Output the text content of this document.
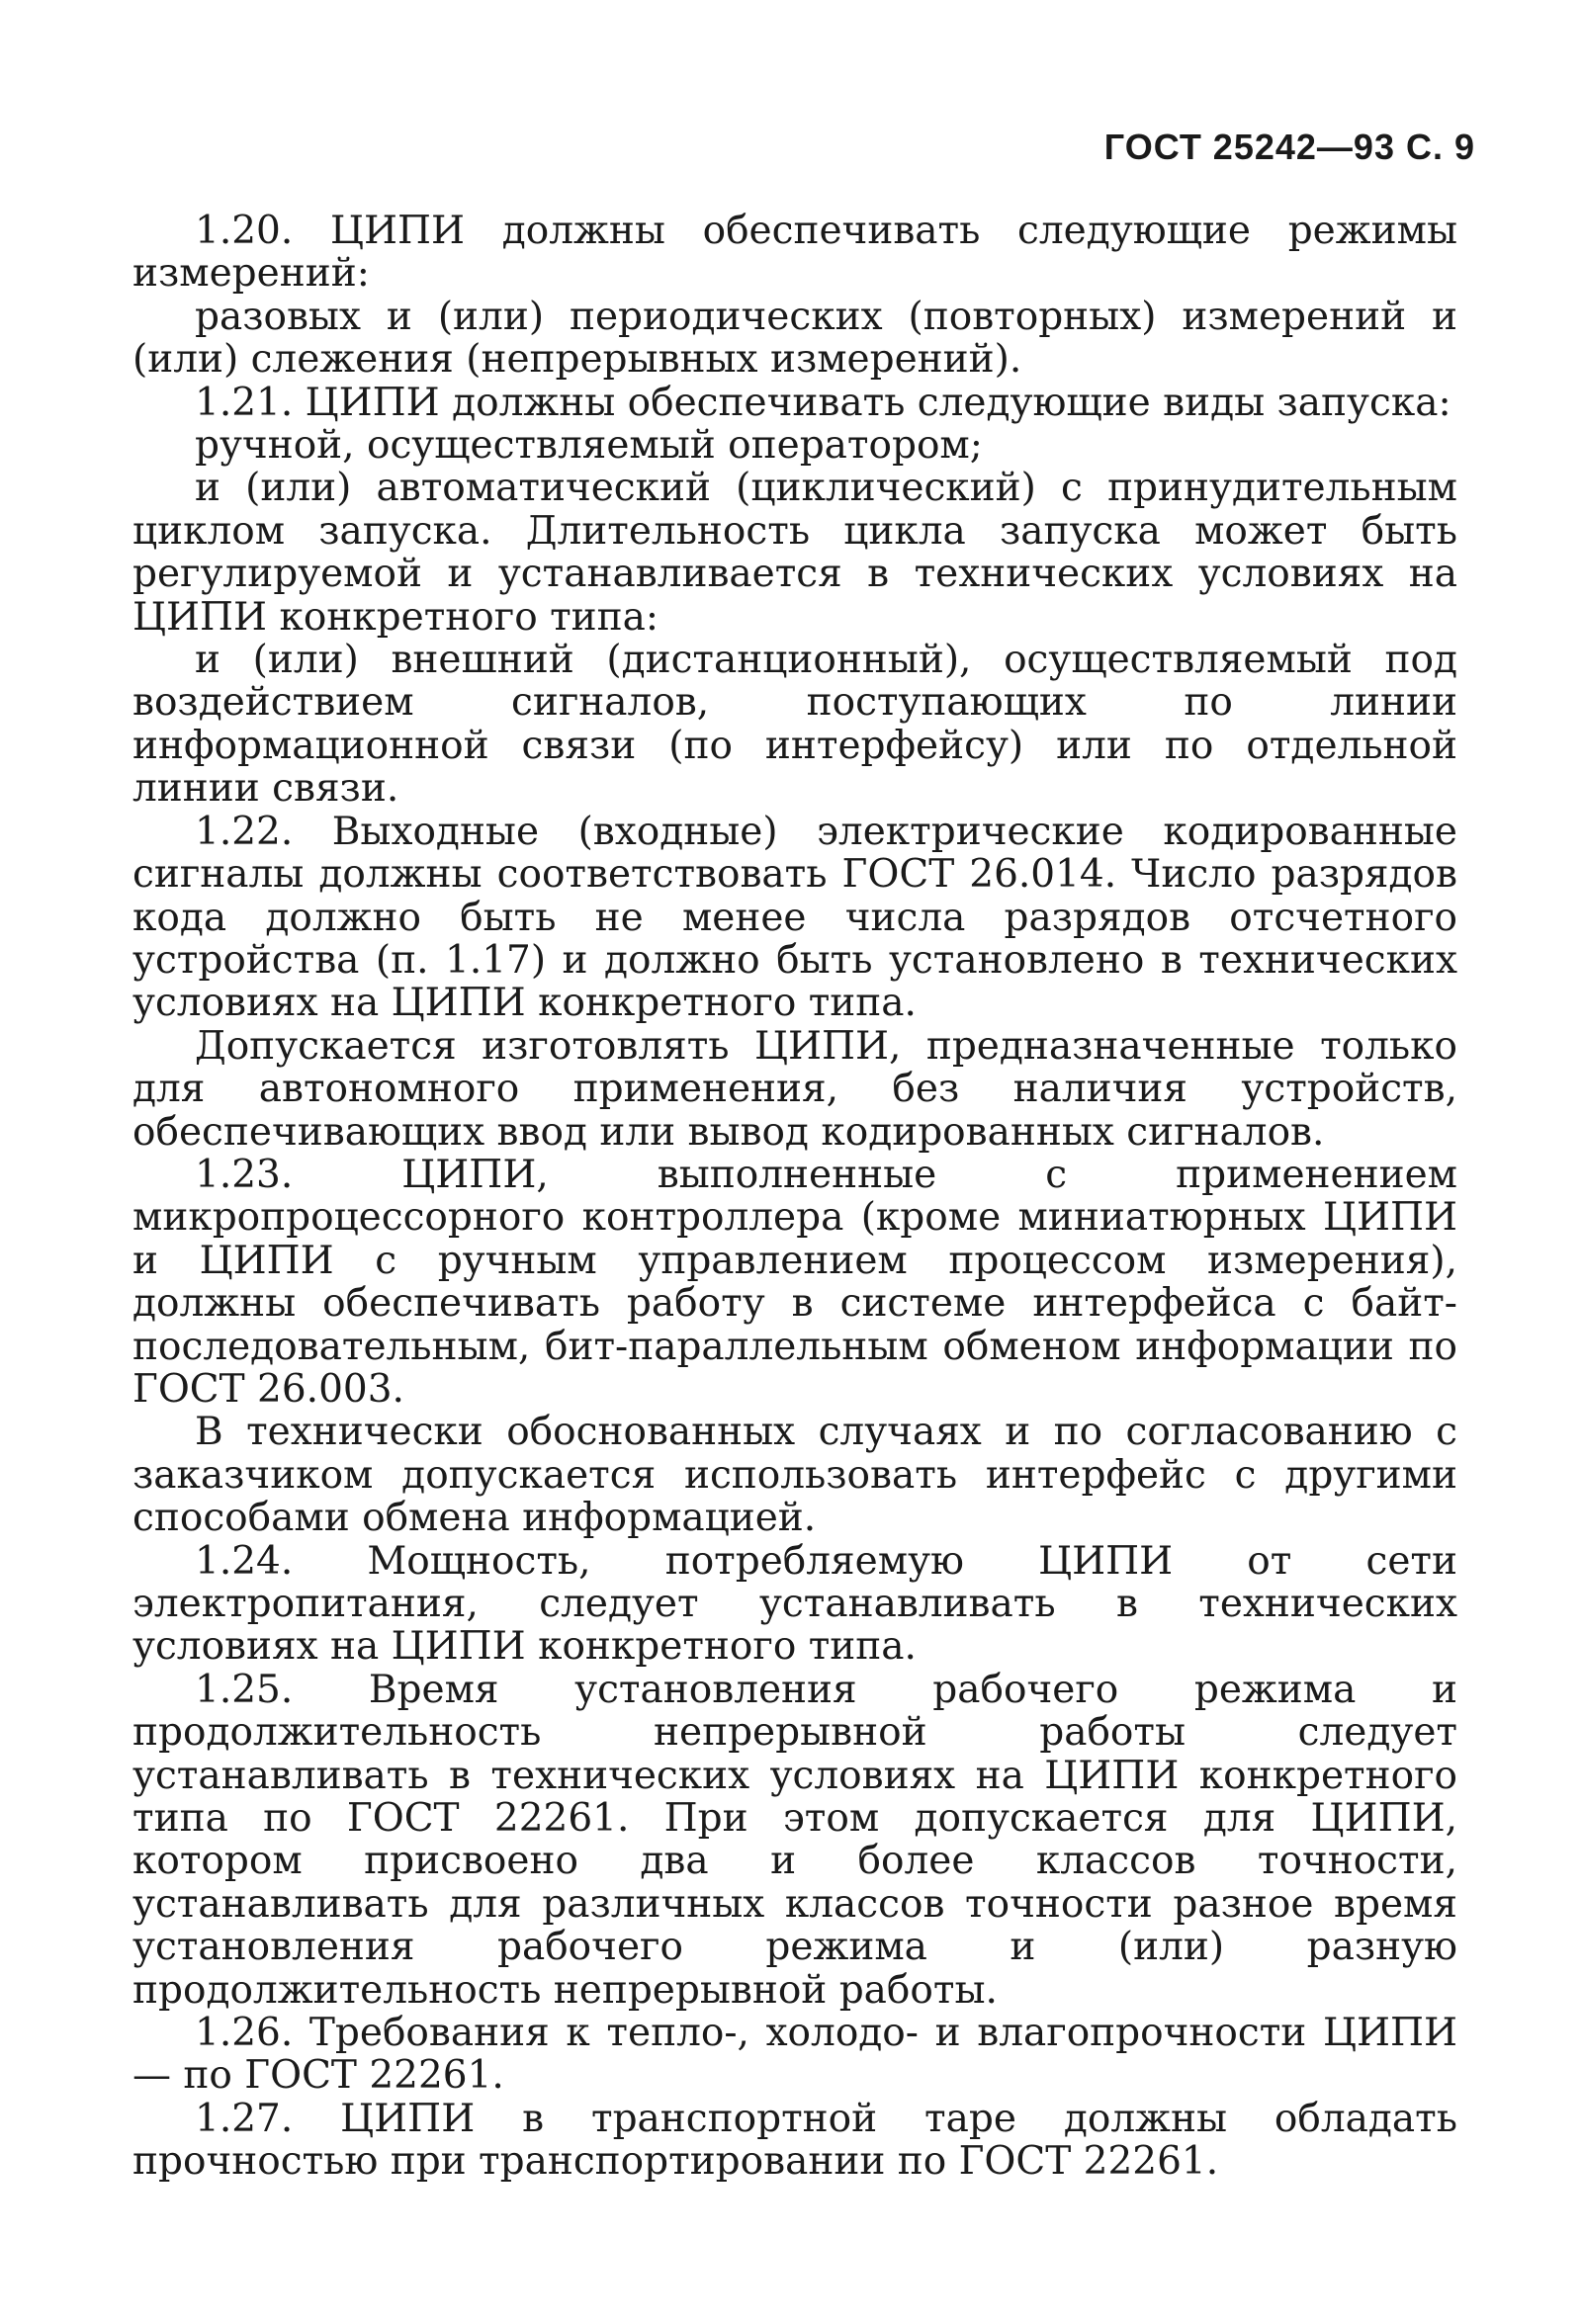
ГОСТ 25242—93 С. 9

1.20. ЦИПИ должны обеспечивать следующие режимы измерений:

разовых и (или) периодических (повторных) измерений и (или) слежения (непрерывных измерений).

1.21. ЦИПИ должны обеспечивать следующие виды запуска:

ручной, осуществляемый оператором;

и (или) автоматический (циклический) с принудительным циклом запуска. Длительность цикла запуска может быть регулируемой и устанавливается в технических условиях на ЦИПИ конкретного типа:

и (или) внешний (дистанционный), осуществляемый под воздействием сигналов, поступающих по линии информационной связи (по интерфейсу) или по отдельной линии связи.

1.22. Выходные (входные) электрические кодированные сигналы должны соответствовать ГОСТ 26.014. Число разрядов кода должно быть не менее числа разрядов отсчетного устройства (п. 1.17) и должно быть установлено в технических условиях на ЦИПИ конкретного типа.

Допускается изготовлять ЦИПИ, предназначенные только для автономного применения, без наличия устройств, обеспечивающих ввод или вывод кодированных сигналов.

1.23. ЦИПИ, выполненные с применением микропроцессорного контроллера (кроме миниатюрных ЦИПИ и ЦИПИ с ручным управлением процессом измерения), должны обеспечивать работу в системе интерфейса с байт-последовательным, бит-параллельным обменом информации по ГОСТ 26.003.

В технически обоснованных случаях и по согласованию с заказчиком допускается использовать интерфейс с другими способами обмена информацией.

1.24. Мощность, потребляемую ЦИПИ от сети электропитания, следует устанавливать в технических условиях на ЦИПИ конкретного типа.

1.25. Время установления рабочего режима и продолжительность непрерывной работы следует устанавливать в технических условиях на ЦИПИ конкретного типа по ГОСТ 22261. При этом допускается для ЦИПИ, котором присвоено два и более классов точности, устанавливать для различных классов точности разное время установления рабочего режима и (или) разную продолжительность непрерывной работы.

1.26. Требования к тепло-, холодо- и влагопрочности ЦИПИ — по ГОСТ 22261.

1.27. ЦИПИ в транспортной таре должны обладать прочностью при транспортировании по ГОСТ 22261.
